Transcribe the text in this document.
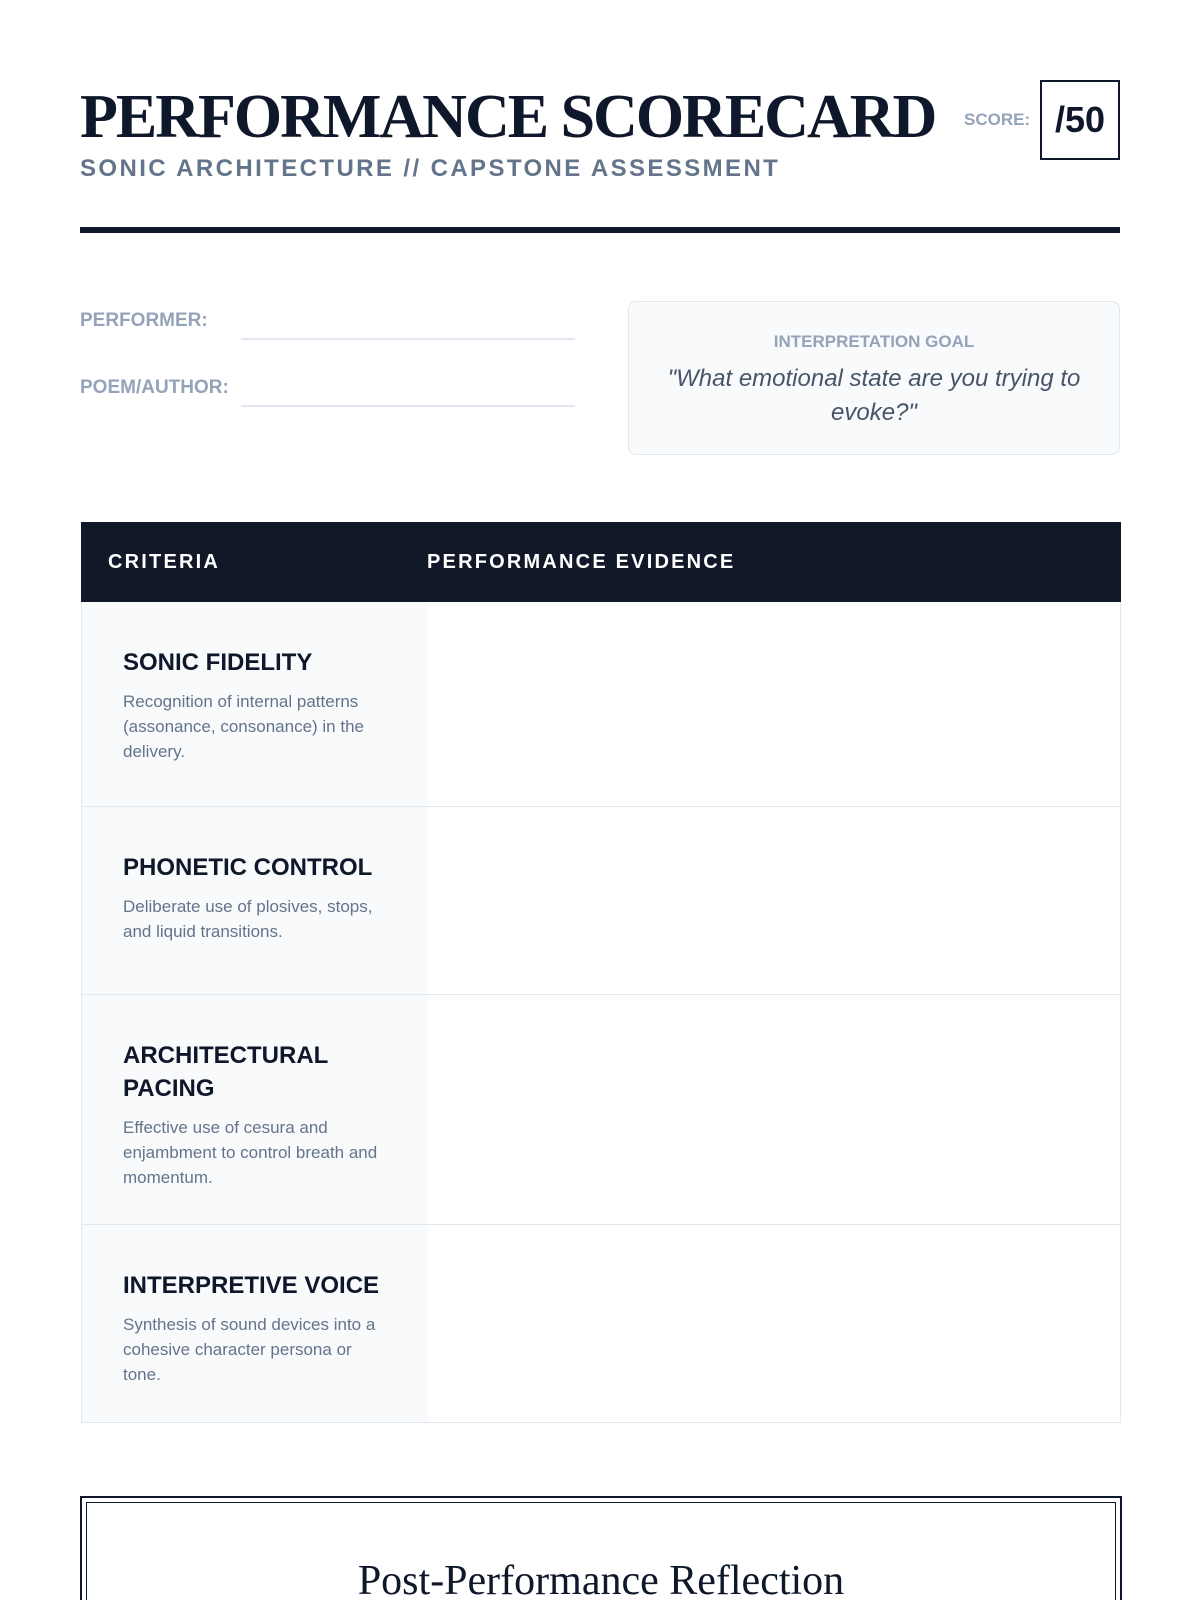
PERFORMANCE SCORECARD
SONIC ARCHITECTURE // CAPSTONE ASSESSMENT
SCORE: /50
PERFORMER:
POEM/AUTHOR:
INTERPRETATION GOAL
"What emotional state are you trying to evoke?"
CRITERIA	PERFORMANCE EVIDENCE
SONIC FIDELITY
Recognition of internal patterns (assonance, consonance) in the delivery.
PHONETIC CONTROL
Deliberate use of plosives, stops, and liquid transitions.
ARCHITECTURAL PACING
Effective use of cesura and enjambment to control breath and momentum.
INTERPRETIVE VOICE
Synthesis of sound devices into a cohesive character persona or tone.
Post-Performance Reflection
